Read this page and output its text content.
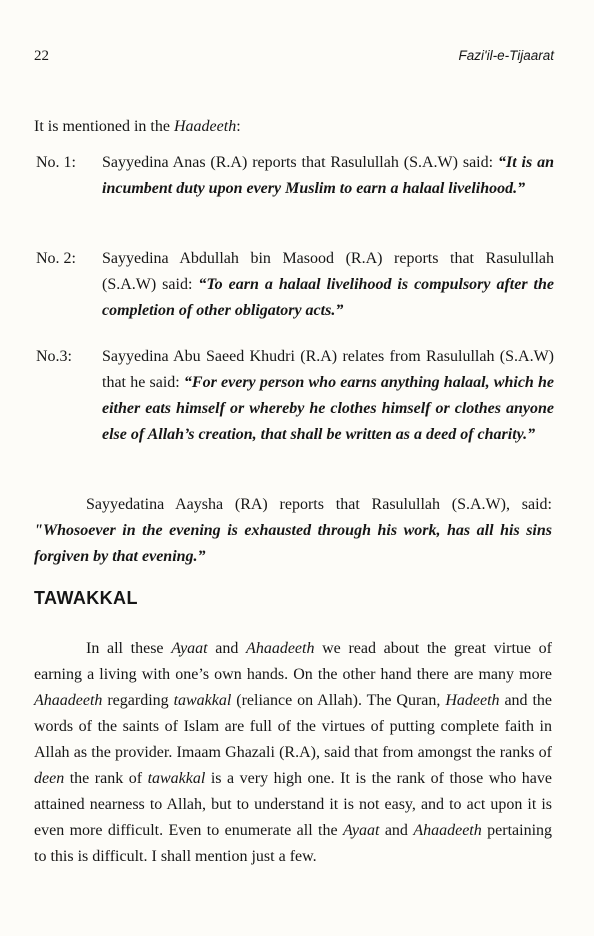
22	Fazi'il-e-Tijaarat

It is mentioned in the Haadeeth:

No. 1: Sayyedina Anas (R.A) reports that Rasulullah (S.A.W) said: “It is an incumbent duty upon every Muslim to earn a halaal livelihood.”

No. 2: Sayyedina Abdullah bin Masood (R.A) reports that Rasulullah (S.A.W) said: “To earn a halaal livelihood is compulsory after the completion of other obligatory acts.”

No.3: Sayyedina Abu Saeed Khudri (R.A) relates from Rasulullah (S.A.W) that he said: “For every person who earns anything halaal, which he either eats himself or whereby he clothes himself or clothes anyone else of Allah’s creation, that shall be written as a deed of charity.”

Sayyedatina Aaysha (RA) reports that Rasulullah (S.A.W), said: "Whosoever in the evening is exhausted through his work, has all his sins forgiven by that evening.”

TAWAKKAL

In all these Ayaat and Ahaadeeth we read about the great virtue of earning a living with one’s own hands. On the other hand there are many more Ahaadeeth regarding tawakkal (reliance on Allah). The Quran, Hadeeth and the words of the saints of Islam are full of the virtues of putting complete faith in Allah as the provider. Imaam Ghazali (R.A), said that from amongst the ranks of deen the rank of tawakkal is a very high one. It is the rank of those who have attained nearness to Allah, but to understand it is not easy, and to act upon it is even more difficult. Even to enumerate all the Ayaat and Ahaadeeth pertaining to this is difficult. I shall mention just a few.
